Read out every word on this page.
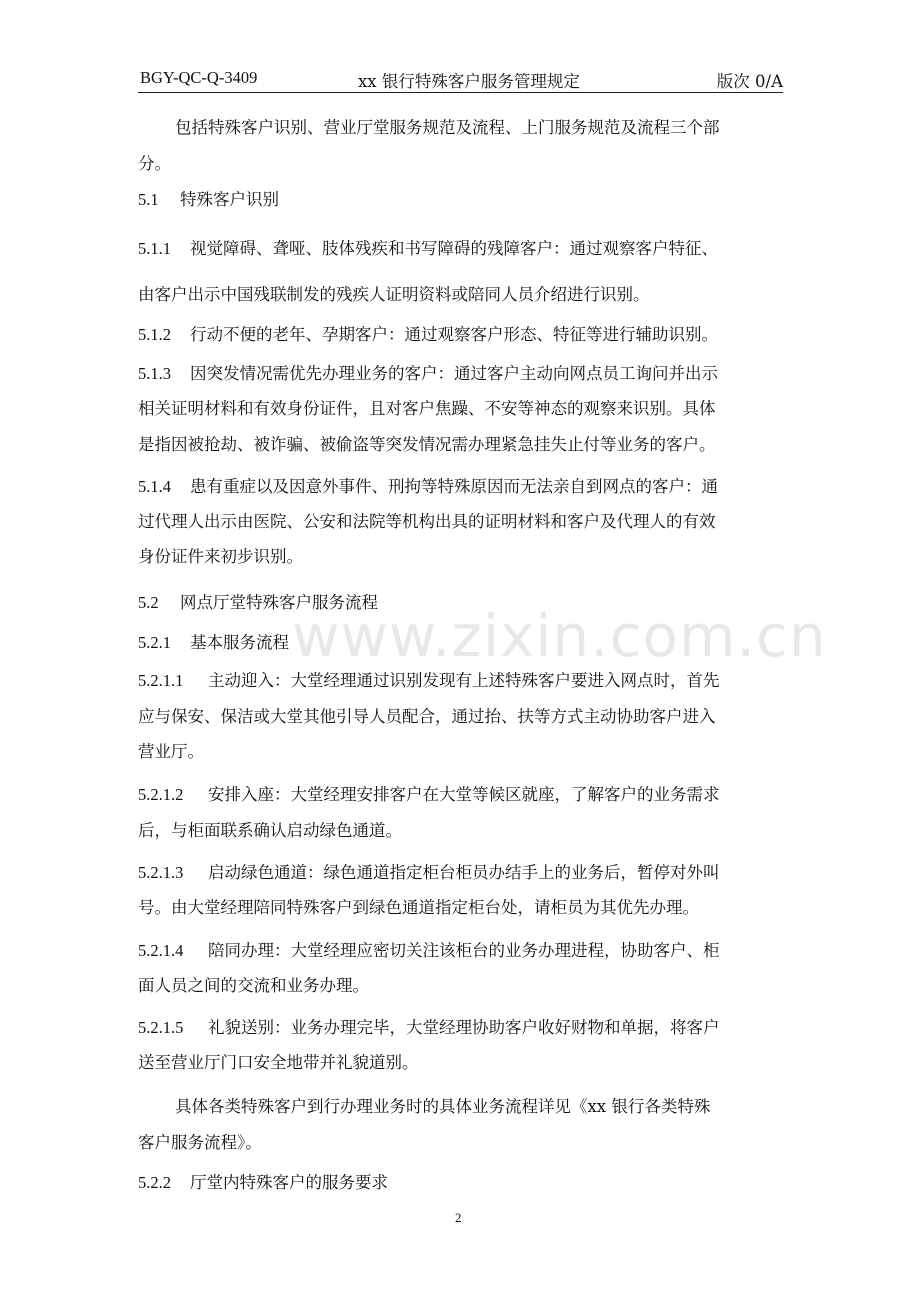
BGY-QC-Q-3409	xx 银行特殊客户服务管理规定	版次 0/A
www.zixin.com.cn
包括特殊客户识别、营业厅堂服务规范及流程、上门服务规范及流程三个部
分。
5.1 特殊客户识别
5.1.1 视觉障碍、聋哑、肢体残疾和书写障碍的残障客户：通过观察客户特征、
由客户出示中国残联制发的残疾人证明资料或陪同人员介绍进行识别。
5.1.2 行动不便的老年、孕期客户：通过观察客户形态、特征等进行辅助识别。
5.1.3 因突发情况需优先办理业务的客户：通过客户主动向网点员工询问并出示
相关证明材料和有效身份证件，且对客户焦躁、不安等神态的观察来识别。具体
是指因被抢劫、被诈骗、被偷盗等突发情况需办理紧急挂失止付等业务的客户。
5.1.4 患有重症以及因意外事件、刑拘等特殊原因而无法亲自到网点的客户：通
过代理人出示由医院、公安和法院等机构出具的证明材料和客户及代理人的有效
身份证件来初步识别。
5.2 网点厅堂特殊客户服务流程
5.2.1 基本服务流程
5.2.1.1 主动迎入：大堂经理通过识别发现有上述特殊客户要进入网点时，首先
应与保安、保洁或大堂其他引导人员配合，通过抬、扶等方式主动协助客户进入
营业厅。
5.2.1.2 安排入座：大堂经理安排客户在大堂等候区就座，了解客户的业务需求
后，与柜面联系确认启动绿色通道。
5.2.1.3 启动绿色通道：绿色通道指定柜台柜员办结手上的业务后，暂停对外叫
号。由大堂经理陪同特殊客户到绿色通道指定柜台处，请柜员为其优先办理。
5.2.1.4 陪同办理：大堂经理应密切关注该柜台的业务办理进程，协助客户、柜
面人员之间的交流和业务办理。
5.2.1.5 礼貌送别：业务办理完毕，大堂经理协助客户收好财物和单据，将客户
送至营业厅门口安全地带并礼貌道别。
具体各类特殊客户到行办理业务时的具体业务流程详见《xx 银行各类特殊
客户服务流程》。
5.2.2 厅堂内特殊客户的服务要求
2
